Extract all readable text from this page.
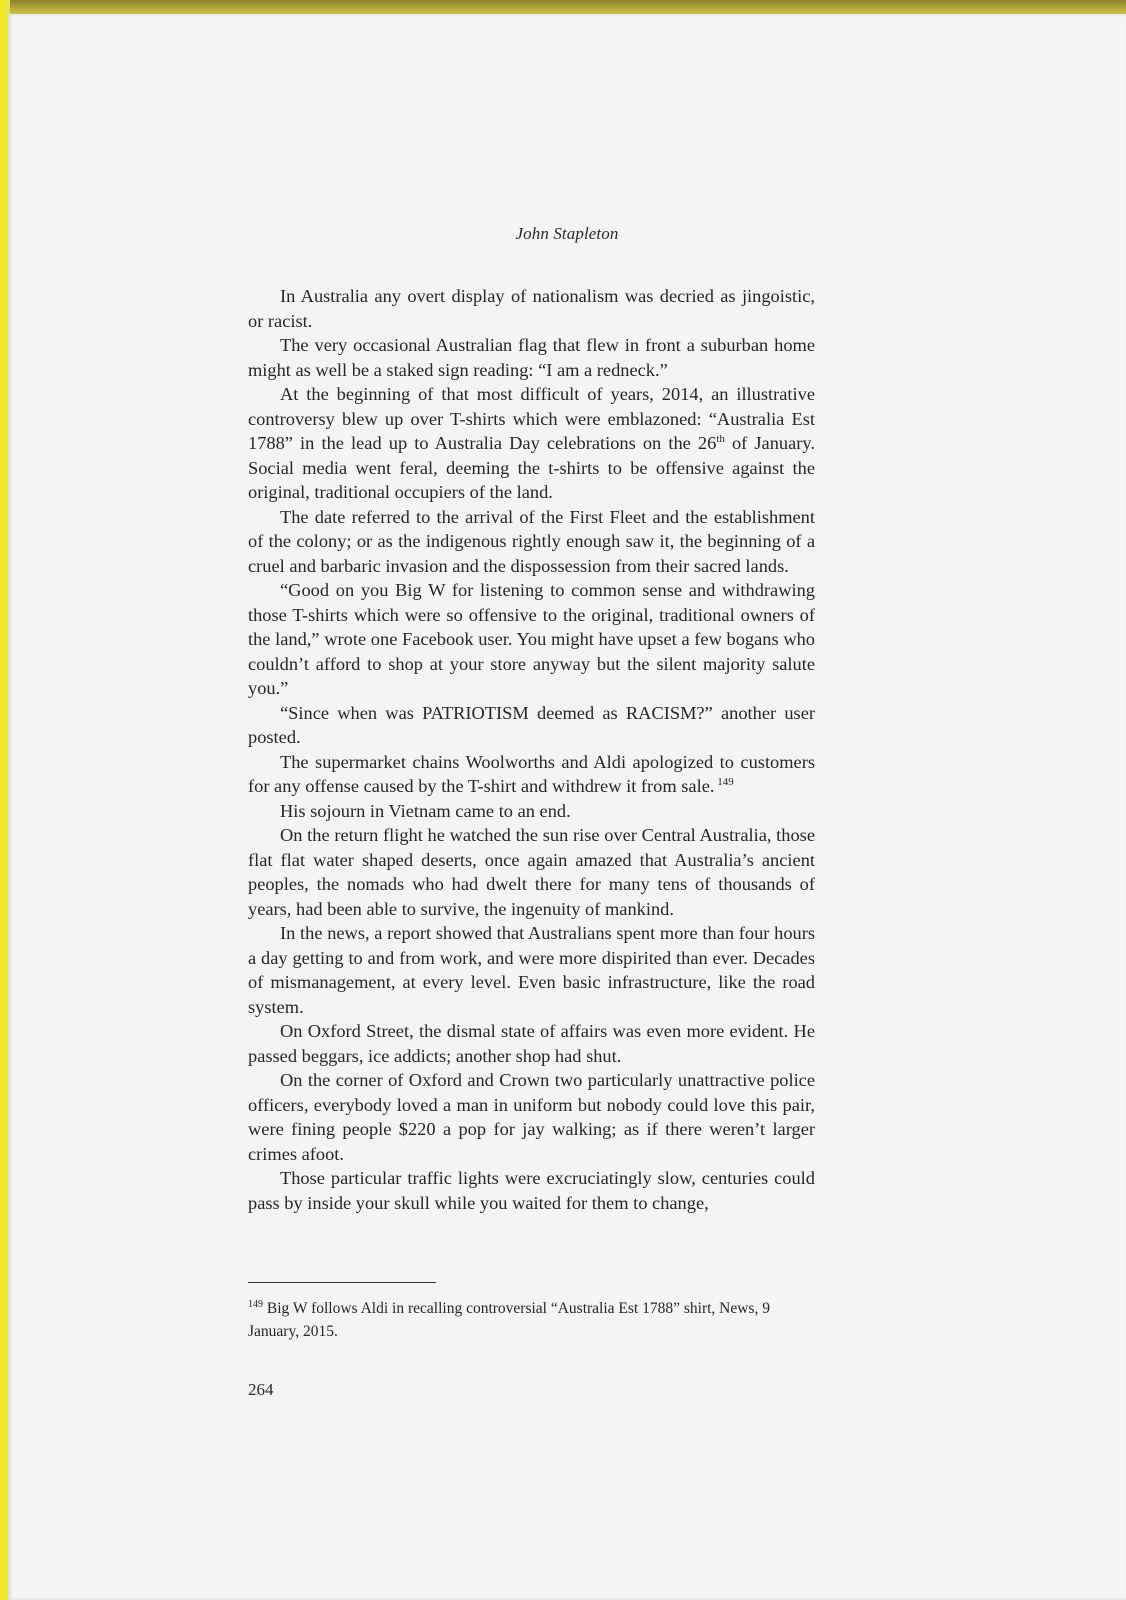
John Stapleton

In Australia any overt display of nationalism was decried as jingoistic, or racist.

The very occasional Australian flag that flew in front a suburban home might as well be a staked sign reading: “I am a redneck.”

At the beginning of that most difficult of years, 2014, an illustrative controversy blew up over T-shirts which were emblazoned: “Australia Est 1788” in the lead up to Australia Day celebrations on the 26th of January. Social media went feral, deeming the t-shirts to be offensive against the original, traditional occupiers of the land.

The date referred to the arrival of the First Fleet and the establishment of the colony; or as the indigenous rightly enough saw it, the beginning of a cruel and barbaric invasion and the dispossession from their sacred lands.

“Good on you Big W for listening to common sense and withdrawing those T-shirts which were so offensive to the original, traditional owners of the land,” wrote one Facebook user. You might have upset a few bogans who couldn’t afford to shop at your store anyway but the silent majority salute you.”

“Since when was PATRIOTISM deemed as RACISM?” another user posted.

The supermarket chains Woolworths and Aldi apologized to customers for any offense caused by the T-shirt and withdrew it from sale. $^{149}$

His sojourn in Vietnam came to an end.

On the return flight he watched the sun rise over Central Australia, those flat flat water shaped deserts, once again amazed that Australia’s ancient peoples, the nomads who had dwelt there for many tens of thousands of years, had been able to survive, the ingenuity of mankind.

In the news, a report showed that Australians spent more than four hours a day getting to and from work, and were more dispirited than ever. Decades of mismanagement, at every level. Even basic infrastructure, like the road system.

On Oxford Street, the dismal state of affairs was even more evident. He passed beggars, ice addicts; another shop had shut.

On the corner of Oxford and Crown two particularly unattractive police officers, everybody loved a man in uniform but nobody could love this pair, were fining people $220 a pop for jay walking; as if there weren’t larger crimes afoot.

Those particular traffic lights were excruciatingly slow, centuries could pass by inside your skull while you waited for them to change,

$^{149}$ Big W follows Aldi in recalling controversial “Australia Est 1788” shirt, News, 9 January, 2015.
264
